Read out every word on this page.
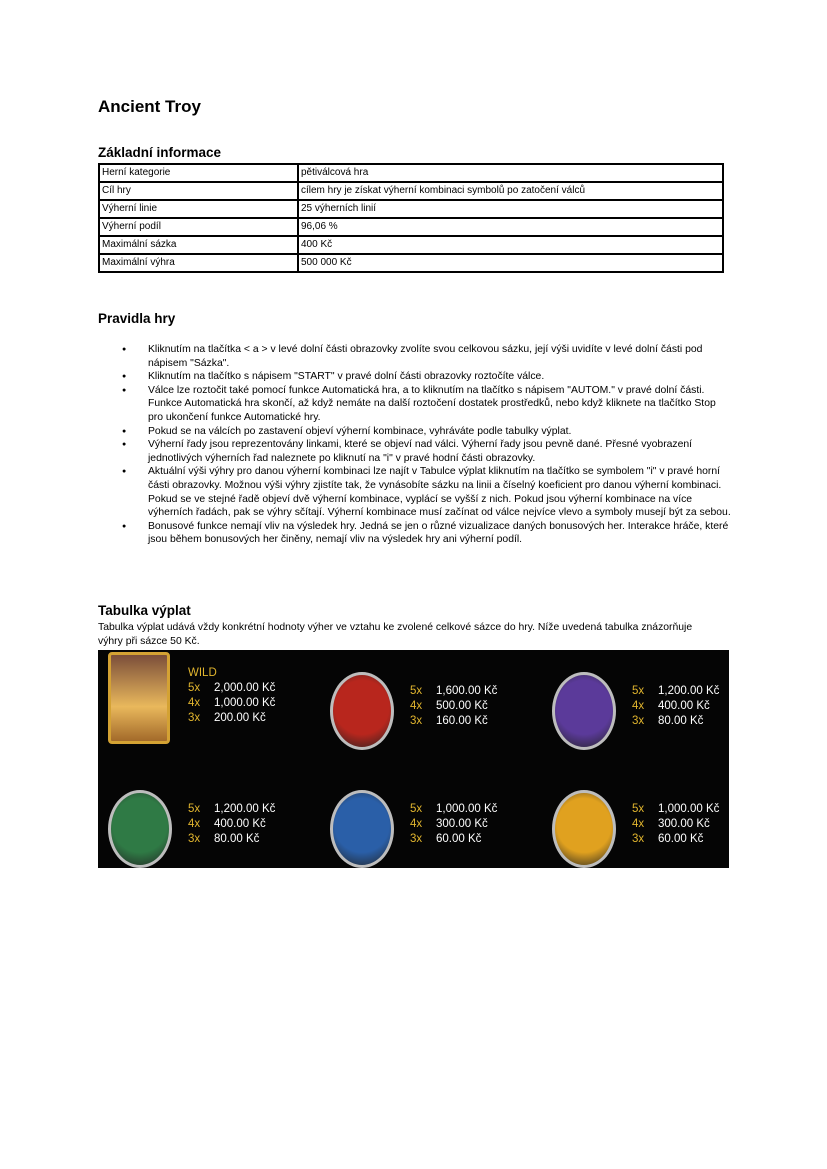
Ancient Troy
Základní informace
Herní kategorie	pětiválcová hra
Cíl hry	cílem hry je získat výherní kombinaci symbolů po zatočení válců
Výherní linie	25 výherních linií
Výherní podíl	96,06 %
Maximální sázka	400 Kč
Maximální výhra	500 000 Kč
Pravidla hry
● Kliknutím na tlačítka < a > v levé dolní části obrazovky zvolíte svou celkovou sázku, její výši uvidíte v levé dolní části pod nápisem "Sázka".
● Kliknutím na tlačítko s nápisem "START" v pravé dolní části obrazovky roztočíte válce.
● Válce lze roztočit také pomocí funkce Automatická hra, a to kliknutím na tlačítko s nápisem "AUTOM." v pravé dolní části. Funkce Automatická hra skončí, až když nemáte na další roztočení dostatek prostředků, nebo když kliknete na tlačítko Stop pro ukončení funkce Automatické hry.
● Pokud se na válcích po zastavení objeví výherní kombinace, vyhráváte podle tabulky výplat.
● Výherní řady jsou reprezentovány linkami, které se objeví nad válci. Výherní řady jsou pevně dané. Přesné vyobrazení jednotlivých výherních řad naleznete po kliknutí na "i" v pravé hodní části obrazovky.
● Aktuální výši výhry pro danou výherní kombinaci lze najít v Tabulce výplat kliknutím na tlačítko se symbolem "i" v pravé horní části obrazovky. Možnou výši výhry zjistíte tak, že vynásobíte sázku na linii a číselný koeficient pro danou výherní kombinaci. Pokud se ve stejné řadě objeví dvě výherní kombinace, vyplácí se vyšší z nich. Pokud jsou výherní kombinace na více výherních řadách, pak se výhry sčítají. Výherní kombinace musí začínat od válce nejvíce vlevo a symboly musejí být za sebou.
● Bonusové funkce nemají vliv na výsledek hry. Jedná se jen o různé vizualizace daných bonusových her. Interakce hráče, které jsou během bonusových her činěny, nemají vliv na výsledek hry ani výherní podíl.
Tabulka výplat
Tabulka výplat udává vždy konkrétní hodnoty výher ve vztahu ke zvolené celkové sázce do hry. Níže uvedená tabulka znázorňuje výhry při sázce 50 Kč.
WILD
5x 2,000.00 Kč
4x 1,000.00 Kč
3x 200.00 Kč
5x 1,600.00 Kč
4x 500.00 Kč
3x 160.00 Kč
5x 1,200.00 Kč
4x 400.00 Kč
3x 80.00 Kč
5x 1,200.00 Kč
4x 400.00 Kč
3x 80.00 Kč
5x 1,000.00 Kč
4x 300.00 Kč
3x 60.00 Kč
5x 1,000.00 Kč
4x 300.00 Kč
3x 60.00 Kč
